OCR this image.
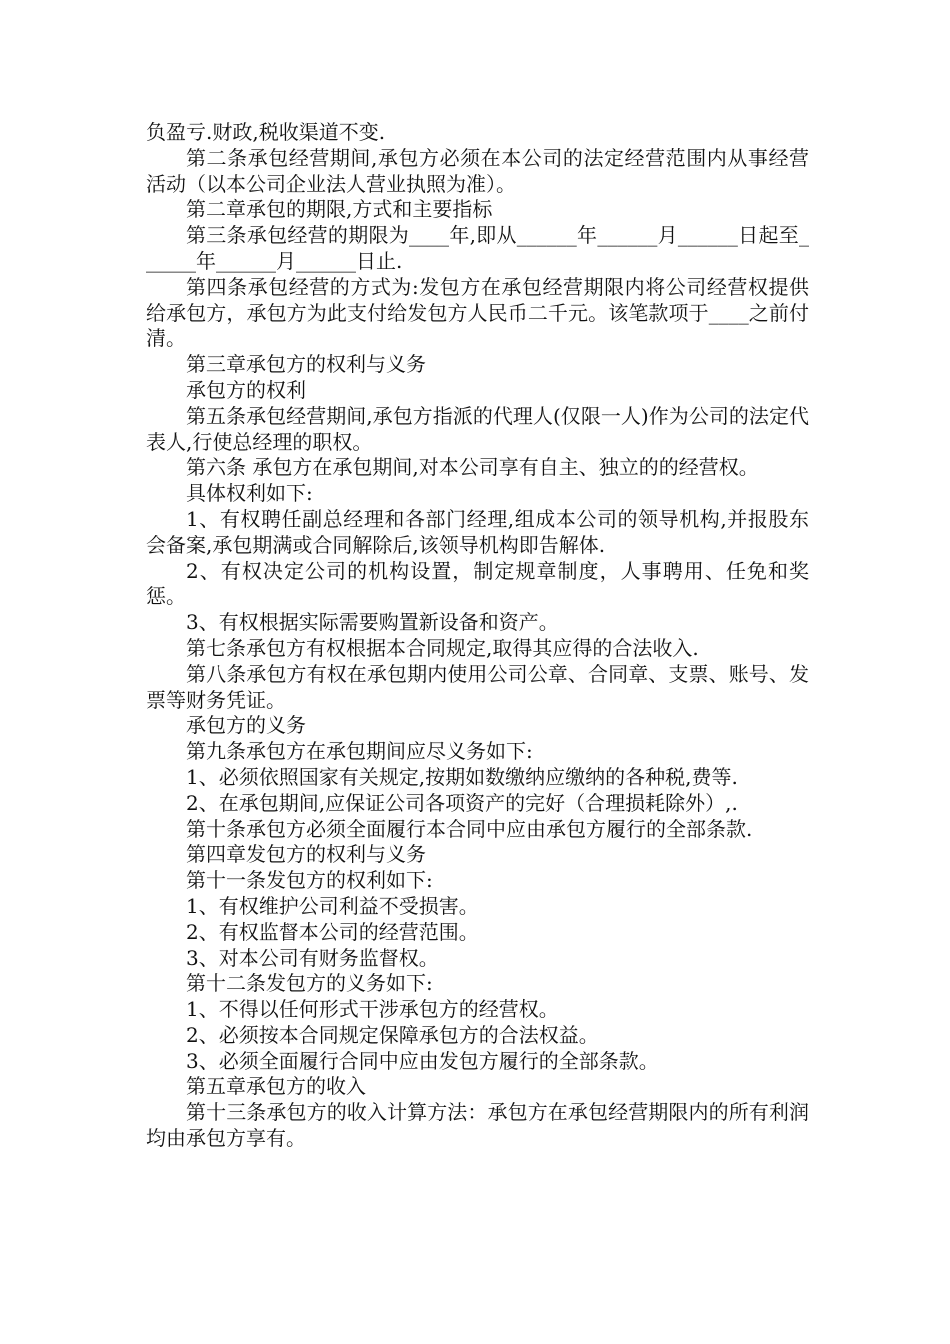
负盈亏.财政,税收渠道不变.

第二条承包经营期间,承包方必须在本公司的法定经营范围内从事经营活动（以本公司企业法人营业执照为准）。

第二章承包的期限,方式和主要指标

第三条承包经营的期限为____年,即从______年______月______日起至______年______月______日止.

第四条承包经营的方式为:发包方在承包经营期限内将公司经营权提供给承包方，承包方为此支付给发包方人民币二千元。该笔款项于____之前付清。

第三章承包方的权利与义务

承包方的权利

第五条承包经营期间,承包方指派的代理人(仅限一人)作为公司的法定代表人,行使总经理的职权。

第六条 承包方在承包期间,对本公司享有自主、独立的的经营权。

具体权利如下:

1、有权聘任副总经理和各部门经理,组成本公司的领导机构,并报股东会备案,承包期满或合同解除后,该领导机构即告解体.

2、有权决定公司的机构设置，制定规章制度，人事聘用、任免和奖惩。

3、有权根据实际需要购置新设备和资产。

第七条承包方有权根据本合同规定,取得其应得的合法收入.

第八条承包方有权在承包期内使用公司公章、合同章、支票、账号、发票等财务凭证。

承包方的义务

第九条承包方在承包期间应尽义务如下:

1、必须依照国家有关规定,按期如数缴纳应缴纳的各种税,费等.

2、在承包期间,应保证公司各项资产的完好（合理损耗除外）,.

第十条承包方必须全面履行本合同中应由承包方履行的全部条款.

第四章发包方的权利与义务

第十一条发包方的权利如下:

1、有权维护公司利益不受损害。

2、有权监督本公司的经营范围。

3、对本公司有财务监督权。

第十二条发包方的义务如下:

1、不得以任何形式干涉承包方的经营权。

2、必须按本合同规定保障承包方的合法权益。

3、必须全面履行合同中应由发包方履行的全部条款。

第五章承包方的收入

第十三条承包方的收入计算方法：承包方在承包经营期限内的所有利润均由承包方享有。
